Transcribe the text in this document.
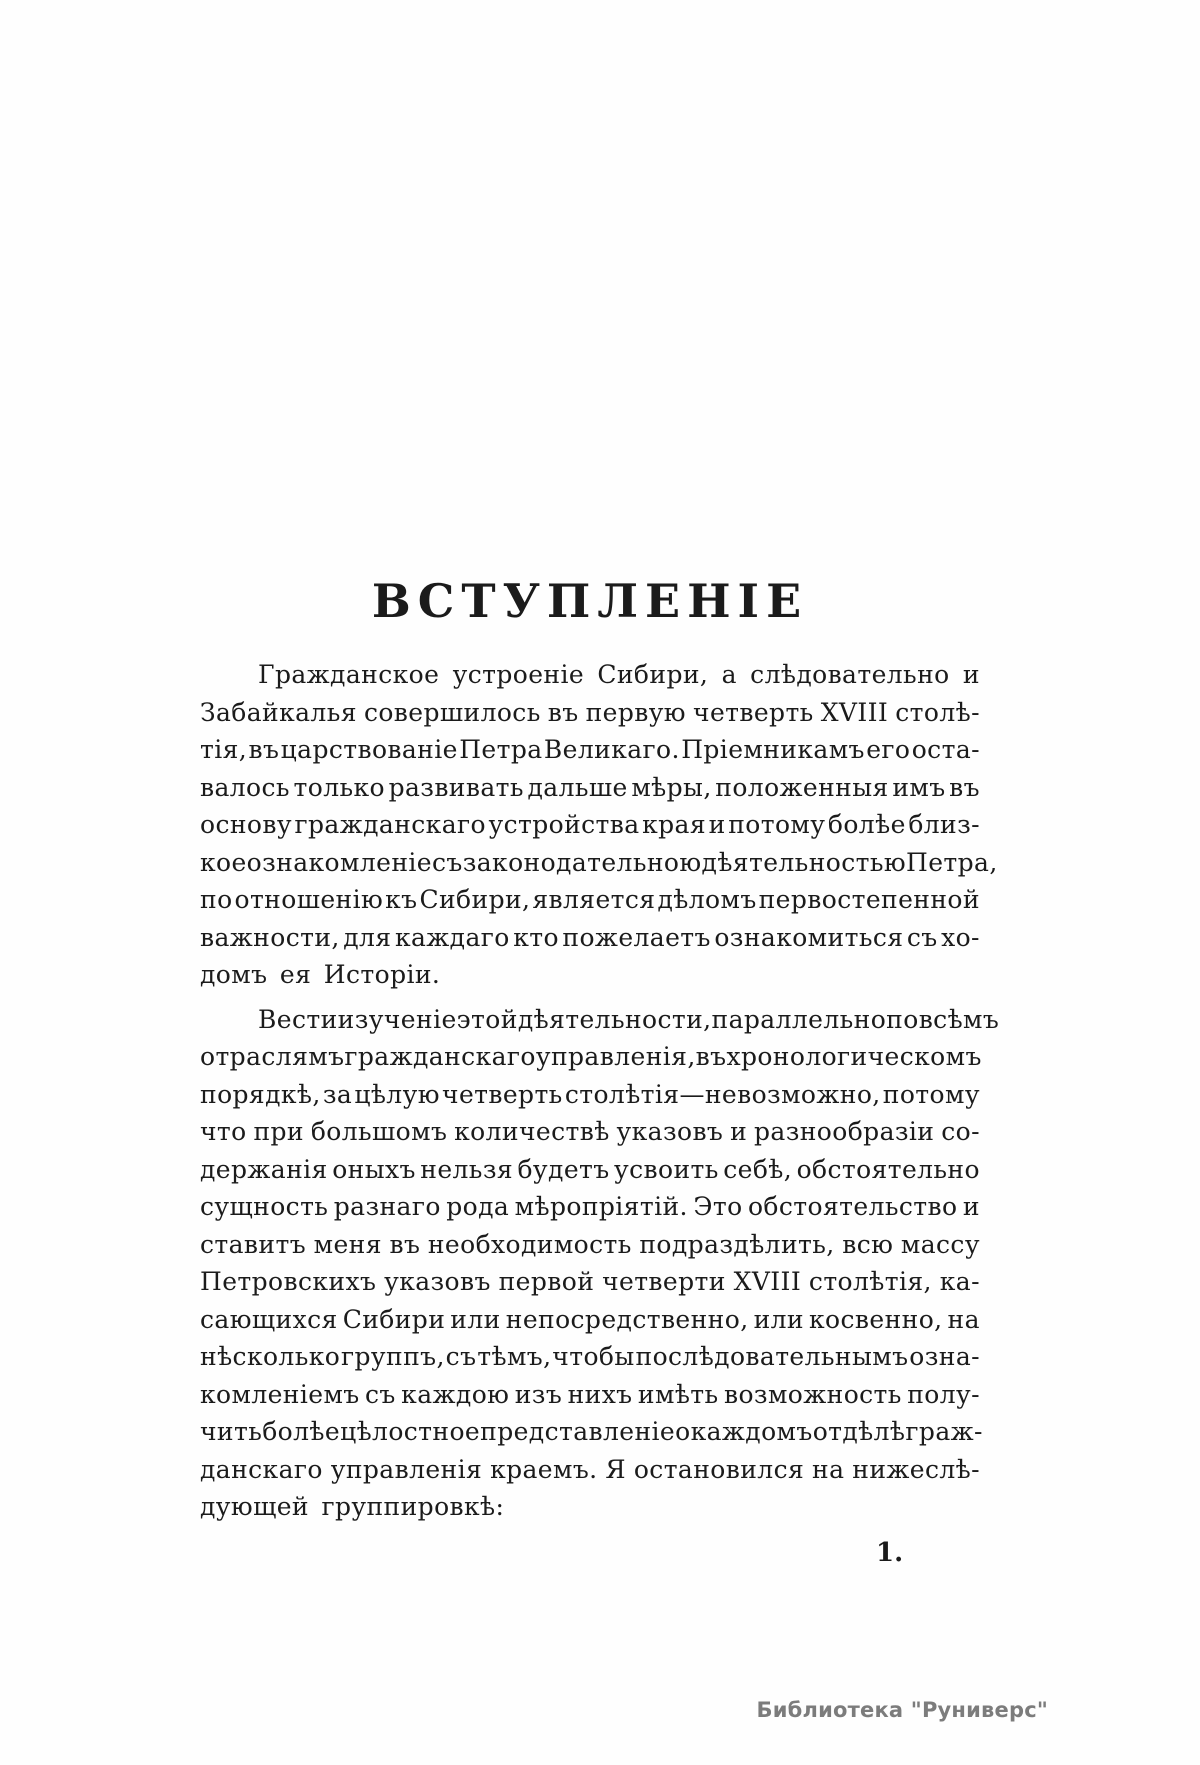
ВСТУПЛЕНІЕ
Гражданское устроеніе Сибири, а слѣдовательно и
Забайкалья совершилось въ первую четверть XVIII столѣ-
тія, въ царствованіе Петра Великаго. Пріемникамъ его оста-
валось только развивать дальше мѣры, положенныя имъ въ
основу гражданскаго устройства края и потому болѣе близ-
кое ознакомленіе съ законодательною дѣятельностью Петра,
по отношенію къ Сибири, является дѣломъ первостепенной
важности, для каждаго кто пожелаетъ ознакомиться съ хо-
домъ ея Исторіи.
Вести изученіе этой дѣятельности, параллельно по всѣмъ
отраслямъ гражданскаго управленія, въ хронологическомъ
порядкѣ, за цѣлую четверть столѣтія—невозможно, потому
что при большомъ количествѣ указовъ и разнообразіи со-
держанія оныхъ нельзя будетъ усвоить себѣ, обстоятельно
сущность разнаго рода мѣропріятій. Это обстоятельство и
ставитъ меня въ необходимость подраздѣлить, всю массу
Петровскихъ указовъ первой четверти XVIII столѣтія, ка-
сающихся Сибири или непосредственно, или косвенно, на
нѣсколько группъ, съ тѣмъ, чтобы послѣдовательнымъ озна-
комленіемъ съ каждою изъ нихъ имѣть возможность полу-
чить болѣе цѣлостное представленіе о каждомъ отдѣлѣ граж-
данскаго управленія краемъ. Я остановился на нижеслѣ-
дующей группировкѣ:
1.
Библиотека "Руниверс"
